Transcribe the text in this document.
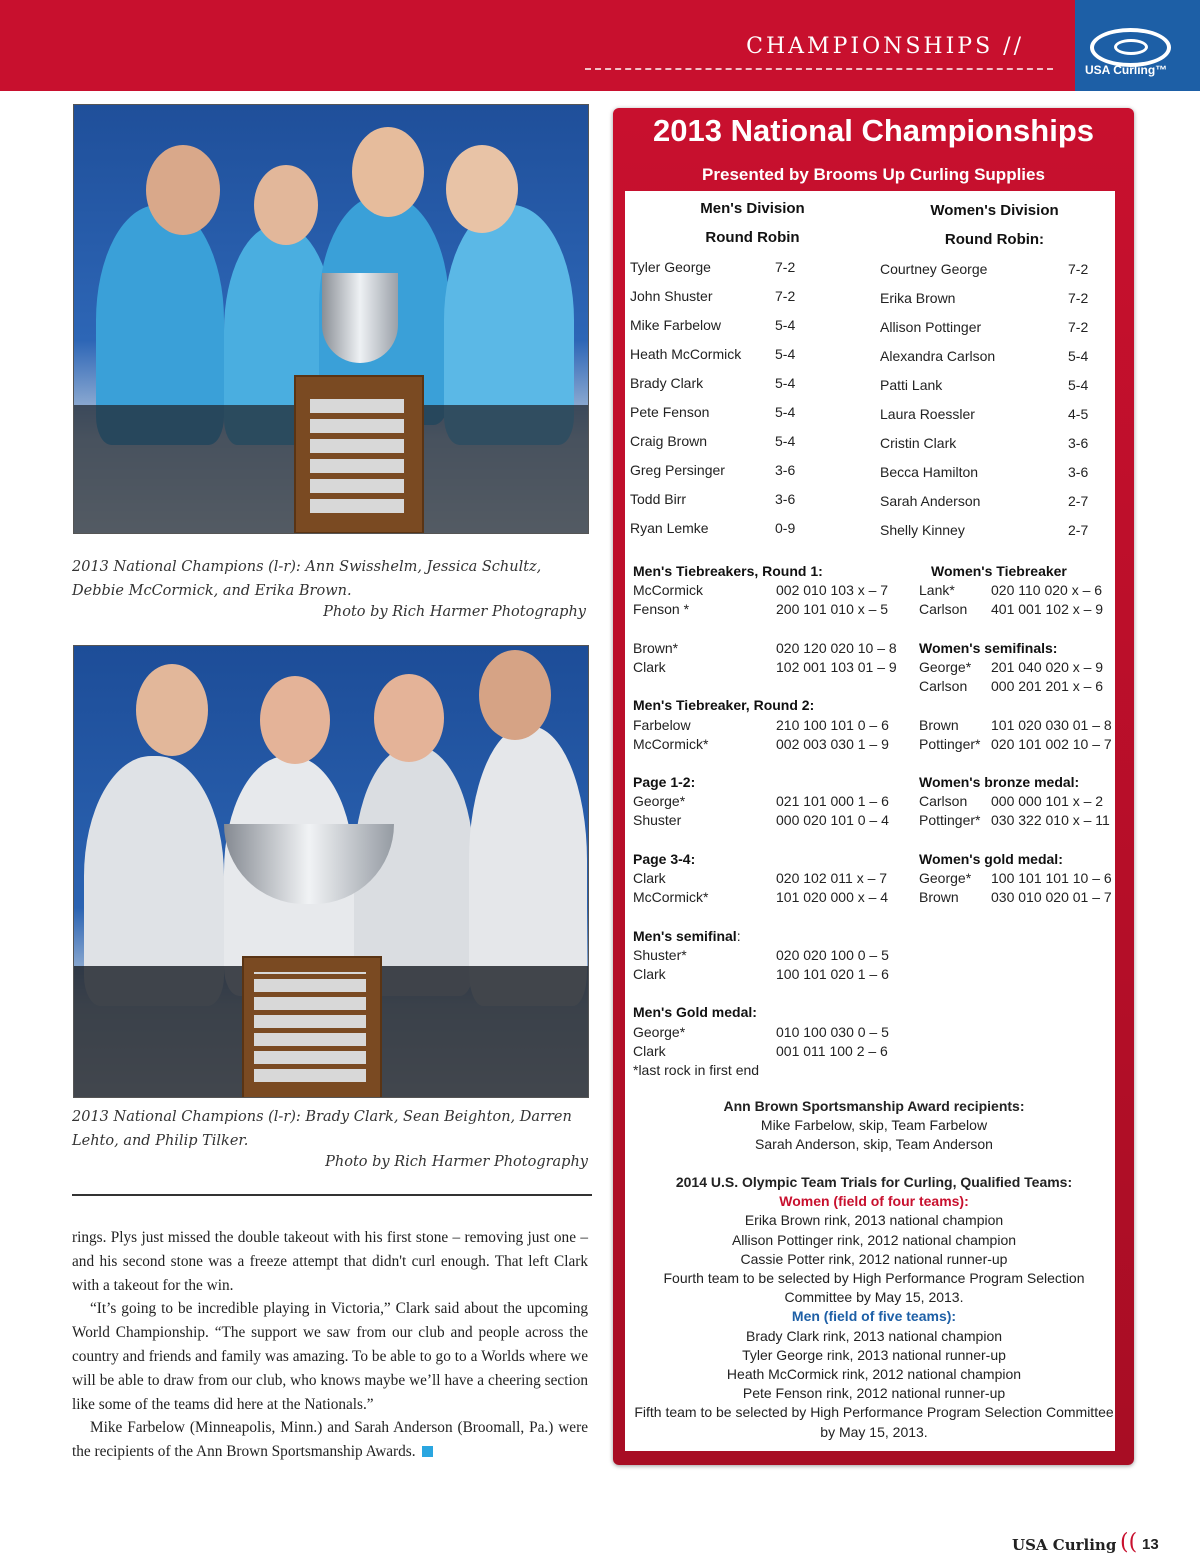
CHAMPIONSHIPS //
USA Curling™
2013 National Champions (l-r): Ann Swisshelm, Jessica Schultz, Debbie McCormick, and Erika Brown.
Photo by Rich Harmer Photography
2013 National Champions (l-r): Brady Clark, Sean Beighton, Darren Lehto, and Philip Tilker.
Photo by Rich Harmer Photography

rings. Plys just missed the double takeout with his first stone – removing just one – and his second stone was a freeze attempt that didn't curl enough. That left Clark with a takeout for the win.

“It’s going to be incredible playing in Victoria,” Clark said about the upcoming World Championship. “The support we saw from our club and people across the country and friends and family was amazing. To be able to go to a Worlds where we will be able to draw from our club, who knows maybe we’ll have a cheering section like some of the teams did here at the Nationals.”

Mike Farbelow (Minneapolis, Minn.) and Sarah Anderson (Broomall, Pa.) were the recipients of the Ann Brown Sportsmanship Awards.

2013 National Championships
Presented by Brooms Up Curling Supplies
Men's Division
Round Robin
Women's Division
Round Robin:
Tyler George	7-2
John Shuster	7-2
Mike Farbelow	5-4
Heath McCormick 5-4
Brady Clark	5-4
Pete Fenson	5-4
Craig Brown	5-4
Greg Persinger	3-6
Todd Birr	3-6
Ryan Lemke	0-9
Courtney George	7-2
Erika Brown	7-2
Allison Pottinger	7-2
Alexandra Carlson	5-4
Patti Lank	5-4
Laura Roessler	4-5
Cristin Clark	3-6
Becca Hamilton	3-6
Sarah Anderson	2-7
Shelly Kinney	2-7
Men's Tiebreakers, Round 1:
McCormick	002 010 103 x – 7
Fenson *	200 101 010 x – 5
Brown*	020 120 020 10 – 8
Clark	102 001 103 01 – 9
Men's Tiebreaker, Round 2:
Farbelow	210 100 101 0 – 6
McCormick*	002 003 030 1 – 9
Page 1-2:
George*	021 101 000 1 – 6
Shuster	000 020 101 0 – 4
Page 3-4:
Clark	020 102 011 x – 7
McCormick*	101 020 000 x – 4
Men's semifinal:
Shuster*	020 020 100 0 – 5
Clark	100 101 020 1 – 6
Men's Gold medal:
George*	010 100 030 0 – 5
Clark	001 011 100 2 – 6
*last rock in first end
Women's Tiebreaker
Lank*	020 110 020 x – 6
Carlson 401 001 102 x – 9
Women's semifinals:
George* 201 040 020 x – 9
Carlson 000 201 201 x – 6
Brown 101 020 030 01 – 8
Pottinger* 020 101 002 10 – 7
Women's bronze medal:
Carlson 000 000 101 x – 2
Pottinger* 030 322 010 x – 11
Women's gold medal:
George* 100 101 101 10 – 6
Brown 030 010 020 01 – 7
Ann Brown Sportsmanship Award recipients:
Mike Farbelow, skip, Team Farbelow
Sarah Anderson, skip, Team Anderson
2014 U.S. Olympic Team Trials for Curling, Qualified Teams:
Women (field of four teams):
Erika Brown rink, 2013 national champion
Allison Pottinger rink, 2012 national champion
Cassie Potter rink, 2012 national runner-up
Fourth team to be selected by High Performance Program Selection Committee by May 15, 2013.
Men (field of five teams):
Brady Clark rink, 2013 national champion
Tyler George rink, 2013 national runner-up
Heath McCormick rink, 2012 national champion
Pete Fenson rink, 2012 national runner-up
Fifth team to be selected by High Performance Program Selection Committee by May 15, 2013.
USA Curling (( 13
